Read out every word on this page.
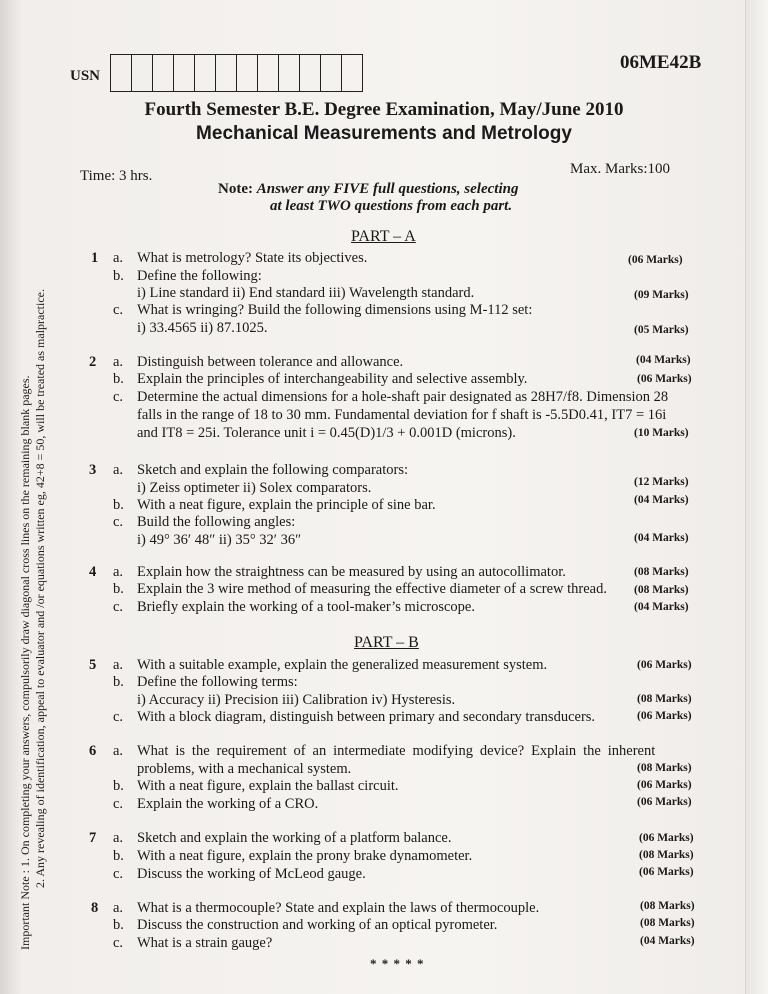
USN
06ME42B
Fourth Semester B.E. Degree Examination, May/June 2010
Mechanical Measurements and Metrology
Time: 3 hrs.	Max. Marks:100
Note: Answer any FIVE full questions, selecting
at least TWO questions from each part.
Important Note : 1. On completing your answers, compulsorily draw diagonal cross lines on the remaining blank pages. 2. Any revealing of identification, appeal to evaluator and /or equations written eg, 42+8 = 50, will be treated as malpractice.
PART – A
1 a. What is metrology? State its objectives.	(06 Marks)
b. Define the following:
i) Line standard ii) End standard iii) Wavelength standard.	(09 Marks)
c. What is wringing? Build the following dimensions using M-112 set:
i) 33.4565 ii) 87.1025.	(05 Marks)
2 a. Distinguish between tolerance and allowance.	(04 Marks)
b. Explain the principles of interchangeability and selective assembly.	(06 Marks)
c. Determine the actual dimensions for a hole-shaft pair designated as 28H7/f8. Dimension 28
falls in the range of 18 to 30 mm. Fundamental deviation for f shaft is -5.5D0.41, IT7 = 16i
and IT8 = 25i. Tolerance unit i = 0.45(D)1/3 + 0.001D (microns).	(10 Marks)
3 a. Sketch and explain the following comparators:
i) Zeiss optimeter ii) Solex comparators.	(12 Marks)
b. With a neat figure, explain the principle of sine bar.	(04 Marks)
c. Build the following angles:
i) 49° 36′ 48″ ii) 35° 32′ 36″	(04 Marks)
4 a. Explain how the straightness can be measured by using an autocollimator.	(08 Marks)
b. Explain the 3 wire method of measuring the effective diameter of a screw thread. (08 Marks)
c. Briefly explain the working of a tool-maker’s microscope.	(04 Marks)
PART – B
5 a. With a suitable example, explain the generalized measurement system.	(06 Marks)
b. Define the following terms:
i) Accuracy ii) Precision iii) Calibration iv) Hysteresis.	(08 Marks)
c. With a block diagram, distinguish between primary and secondary transducers.	(06 Marks)
6 a. What is the requirement of an intermediate modifying device? Explain the inherent
problems, with a mechanical system.	(08 Marks)
b. With a neat figure, explain the ballast circuit.	(06 Marks)
c. Explain the working of a CRO.	(06 Marks)
7 a. Sketch and explain the working of a platform balance.	(06 Marks)
b. With a neat figure, explain the prony brake dynamometer.	(08 Marks)
c. Discuss the working of McLeod gauge.	(06 Marks)
8 a. What is a thermocouple? State and explain the laws of thermocouple.	(08 Marks)
b. Discuss the construction and working of an optical pyrometer.	(08 Marks)
c. What is a strain gauge?	(04 Marks)
* * * * *
